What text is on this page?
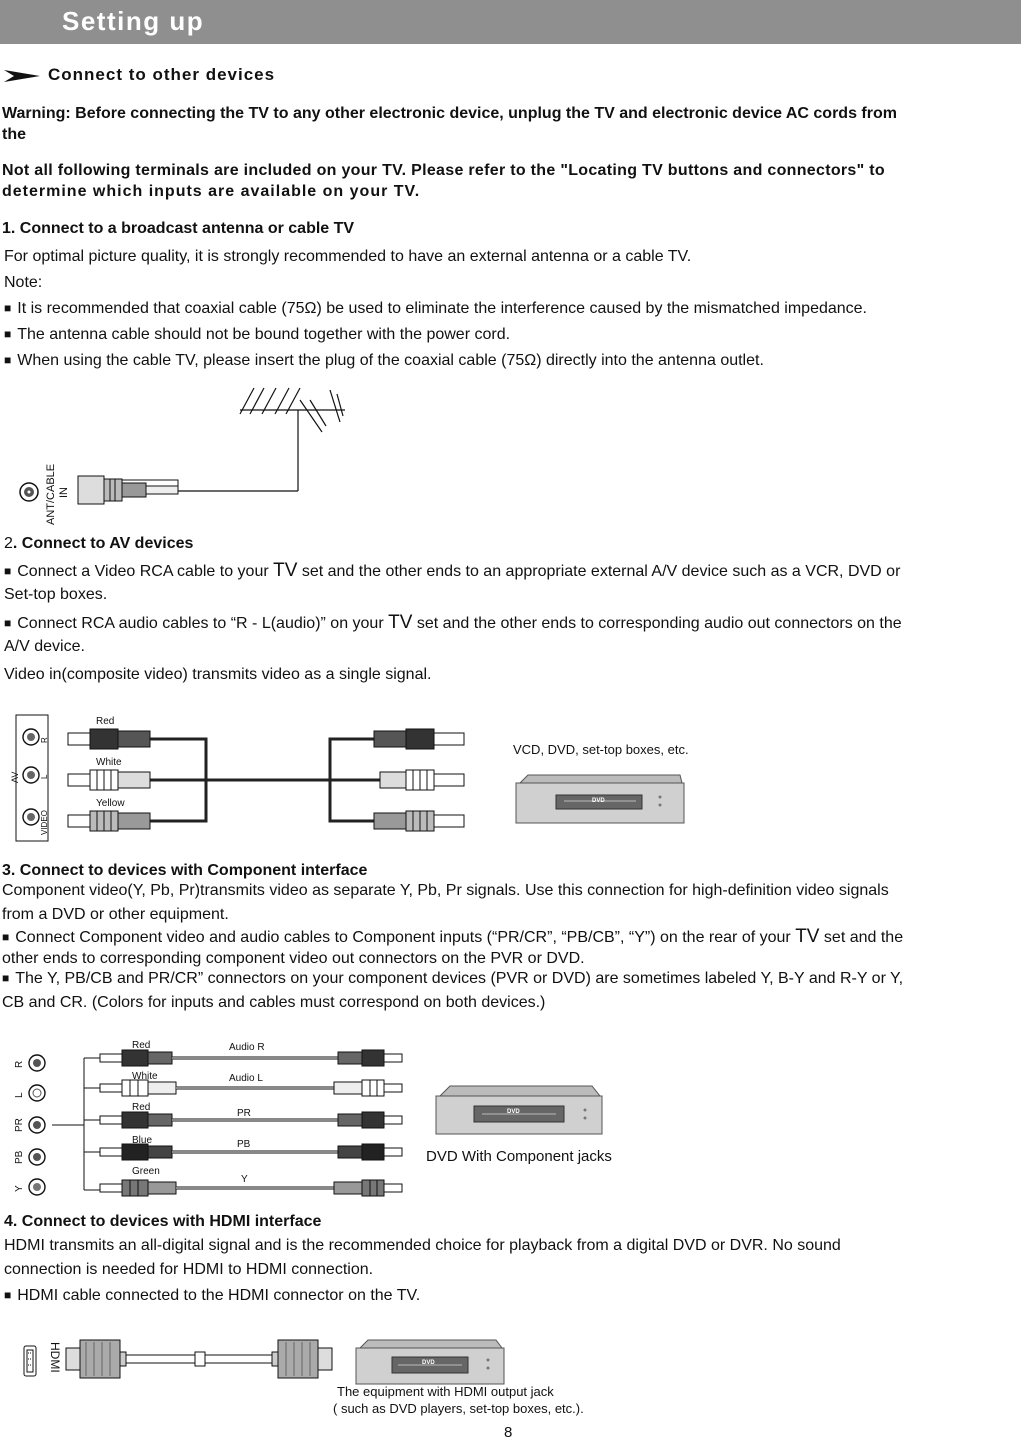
Setting up
Connect to other devices
Warning: Before connecting the TV to any other electronic device, unplug the TV and electronic device AC cords from
the
Not all following terminals are included on your TV. Please refer to the "Locating TV buttons and connectors" to
determine which inputs are available on your TV.
1. Connect to a broadcast antenna or cable TV
For optimal picture quality, it is strongly recommended to have an external antenna or a cable TV.
Note:
■ It is recommended that coaxial cable (75Ω) be used to eliminate the interference caused by the mismatched impedance.
■ The antenna cable should not be bound together with the power cord.
■ When using the cable TV, please insert the plug of the coaxial cable (75Ω) directly into the antenna outlet.
ANT/CABLE IN
2. Connect to AV devices
■ Connect a Video RCA cable to your TV set and the other ends to an appropriate external A/V device such as a VCR, DVD or
Set-top boxes.
■ Connect RCA audio cables to “R - L(audio)” on your TV set and the other ends to corresponding audio out connectors on the
A/V device.
Video in(composite video) transmits video as a single signal.
AV
R
L
VIDEO
Red
White
Yellow	DVD
VCD, DVD, set-top boxes, etc.
3. Connect to devices with Component interface
Component video(Y, Pb, Pr)transmits video as separate Y, Pb, Pr signals. Use this connection for high-definition video signals
from a DVD or other equipment.
■ Connect Component video and audio cables to Component inputs (“PR/CR”, “PB/CB”, “Y”) on the rear of your TV set and the
other ends to corresponding component video out connectors on the PVR or DVD.
■ The Y, PB/CB and PR/CR” connectors on your component devices (PVR or DVD) are sometimes labeled Y, B-Y and R-Y or Y,
CB and CR. (Colors for inputs and cables must correspond on both devices.)
R
L
PR
PB
Y
Red
White
Red
Blue
Green
Audio R
Audio L
PR
PB
Y
DVD
DVD With Component jacks
4. Connect to devices with HDMI interface
HDMI transmits an all-digital signal and is the recommended choice for playback from a digital DVD or DVR. No sound
connection is needed for HDMI to HDMI connection.
■ HDMI cable connected to the HDMI connector on the TV.
HDMI	DVD
The equipment with HDMI output jack
( such as DVD players, set-top boxes, etc.).
8
